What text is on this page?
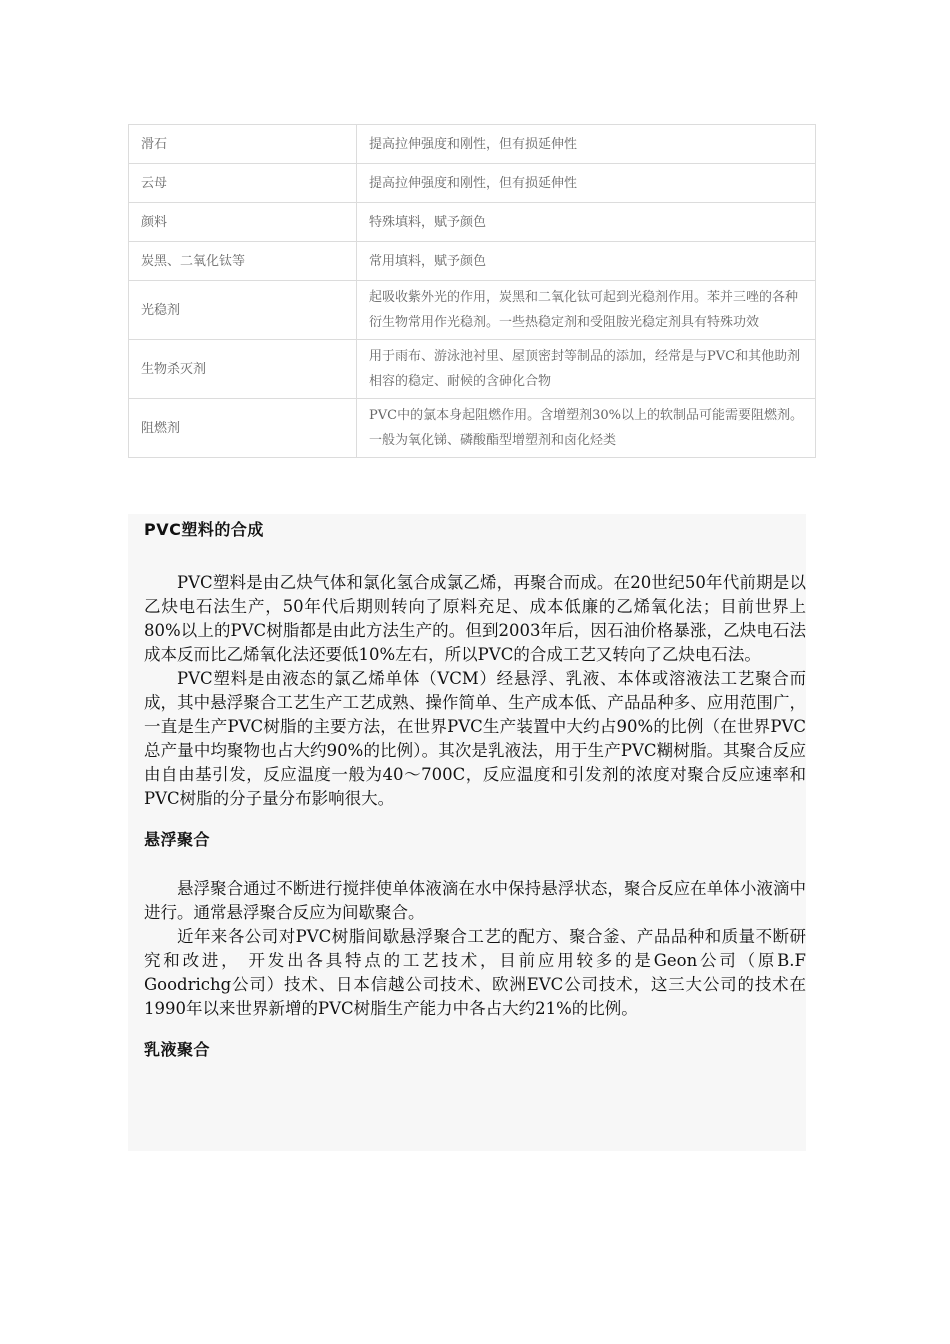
滑石	提高拉伸强度和刚性，但有损延伸性
云母	提高拉伸强度和刚性，但有损延伸性
颜料	特殊填料，赋予颜色
炭黑、二氧化钛等	常用填料，赋予颜色
光稳剂	起吸收紫外光的作用，炭黑和二氧化钛可起到光稳剂作用。苯并三唑的各种衍生物常用作光稳剂。一些热稳定剂和受阻胺光稳定剂具有特殊功效
生物杀灭剂	用于雨布、游泳池衬里、屋顶密封等制品的添加，经常是与PVC和其他助剂相容的稳定、耐候的含砷化合物
阻燃剂	PVC中的氯本身起阻燃作用。含增塑剂30%以上的软制品可能需要阻燃剂。一般为氧化锑、磷酸酯型增塑剂和卤化烃类
PVC塑料的合成

PVC塑料是由乙炔气体和氯化氢合成氯乙烯，再聚合而成。在20世纪50年代前期是以乙炔电石法生产，50年代后期则转向了原料充足、成本低廉的乙烯氧化法；目前世界上80%以上的PVC树脂都是由此方法生产的。但到2003年后，因石油价格暴涨，乙炔电石法成本反而比乙烯氧化法还要低10%左右，所以PVC的合成工艺又转向了乙炔电石法。

PVC塑料是由液态的氯乙烯单体（VCM）经悬浮、乳液、本体或溶液法工艺聚合而成，其中悬浮聚合工艺生产工艺成熟、操作简单、生产成本低、产品品种多、应用范围广，一直是生产PVC树脂的主要方法，在世界PVC生产装置中大约占90%的比例（在世界PVC总产量中均聚物也占大约90%的比例）。其次是乳液法，用于生产PVC糊树脂。其聚合反应由自由基引发，反应温度一般为40～700C，反应温度和引发剂的浓度对聚合反应速率和PVC树脂的分子量分布影响很大。

悬浮聚合

悬浮聚合通过不断进行搅拌使单体液滴在水中保持悬浮状态，聚合反应在单体小液滴中进行。通常悬浮聚合反应为间歇聚合。

近年来各公司对PVC树脂间歇悬浮聚合工艺的配方、聚合釜、产品品种和质量不断研究和改进， 开发出各具特点的工艺技术，目前应用较多的是Geon公司（原B.F Goodrichg公司）技术、日本信越公司技术、欧洲EVC公司技术，这三大公司的技术在1990年以来世界新增的PVC树脂生产能力中各占大约21%的比例。

乳液聚合
